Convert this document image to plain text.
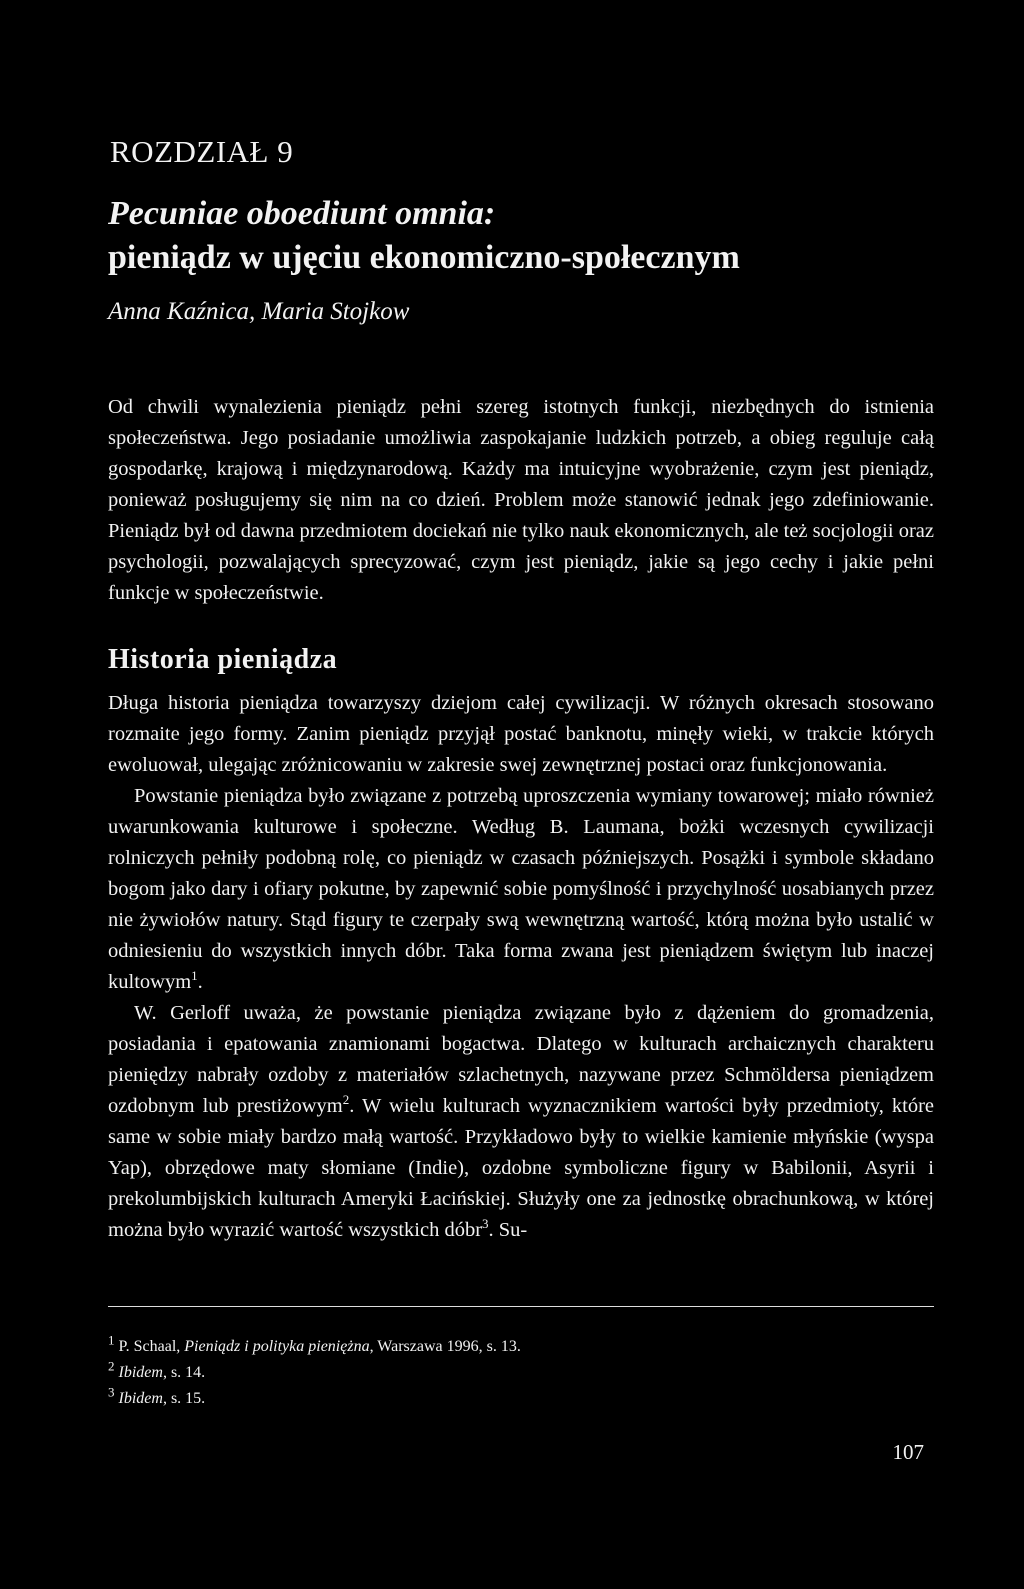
ROZDZIAŁ 9
Pecuniae oboediunt omnia:
pieniądz w ujęciu ekonomiczno-społecznym
Anna Kaźnica, Maria Stojkow

Od chwili wynalezienia pieniądz pełni szereg istotnych funkcji, niezbędnych do istnienia społeczeństwa. Jego posiadanie umożliwia zaspokajanie ludzkich potrzeb, a obieg reguluje całą gospodarkę, krajową i międzynarodową. Każdy ma intuicyjne wyobrażenie, czym jest pieniądz, ponieważ posługujemy się nim na co dzień. Problem może stanowić jednak jego zdefiniowanie. Pieniądz był od dawna przedmiotem dociekań nie tylko nauk ekonomicznych, ale też socjologii oraz psychologii, pozwalających sprecyzować, czym jest pieniądz, jakie są jego cechy i jakie pełni funkcje w społeczeństwie.

Historia pieniądza

Długa historia pieniądza towarzyszy dziejom całej cywilizacji. W różnych okresach stosowano rozmaite jego formy. Zanim pieniądz przyjął postać banknotu, minęły wieki, w trakcie których ewoluował, ulegając zróżnicowaniu w zakresie swej zewnętrznej postaci oraz funkcjonowania.

Powstanie pieniądza było związane z potrzebą uproszczenia wymiany towarowej; miało również uwarunkowania kulturowe i społeczne. Według B. Laumana, bożki wczesnych cywilizacji rolniczych pełniły podobną rolę, co pieniądz w czasach późniejszych. Posążki i symbole składano bogom jako dary i ofiary pokutne, by zapewnić sobie pomyślność i przychylność uosabianych przez nie żywiołów natury. Stąd figury te czerpały swą wewnętrzną wartość, którą można było ustalić w odniesieniu do wszystkich innych dóbr. Taka forma zwana jest pieniądzem świętym lub inaczej kultowym$^1$.

W. Gerloff uważa, że powstanie pieniądza związane było z dążeniem do gromadzenia, posiadania i epatowania znamionami bogactwa. Dlatego w kulturach archaicznych charakteru pieniędzy nabrały ozdoby z materiałów szlachetnych, nazywane przez Schmöldersa pieniądzem ozdobnym lub prestiżowym$^2$. W wielu kulturach wyznacznikiem wartości były przedmioty, które same w sobie miały bardzo małą wartość. Przykładowo były to wielkie kamienie młyńskie (wyspa Yap), obrzędowe maty słomiane (Indie), ozdobne symboliczne figury w Babilonii, Asyrii i prekolumbijskich kulturach Ameryki Łacińskiej. Służyły one za jednostkę obrachunkową, w której można było wyrazić wartość wszystkich dóbr$^3$. Su-

$^1$ P. Schaal, Pieniądz i polityka pieniężna, Warszawa 1996, s. 13.

$^2$ Ibidem, s. 14.

$^3$ Ibidem, s. 15.

107
